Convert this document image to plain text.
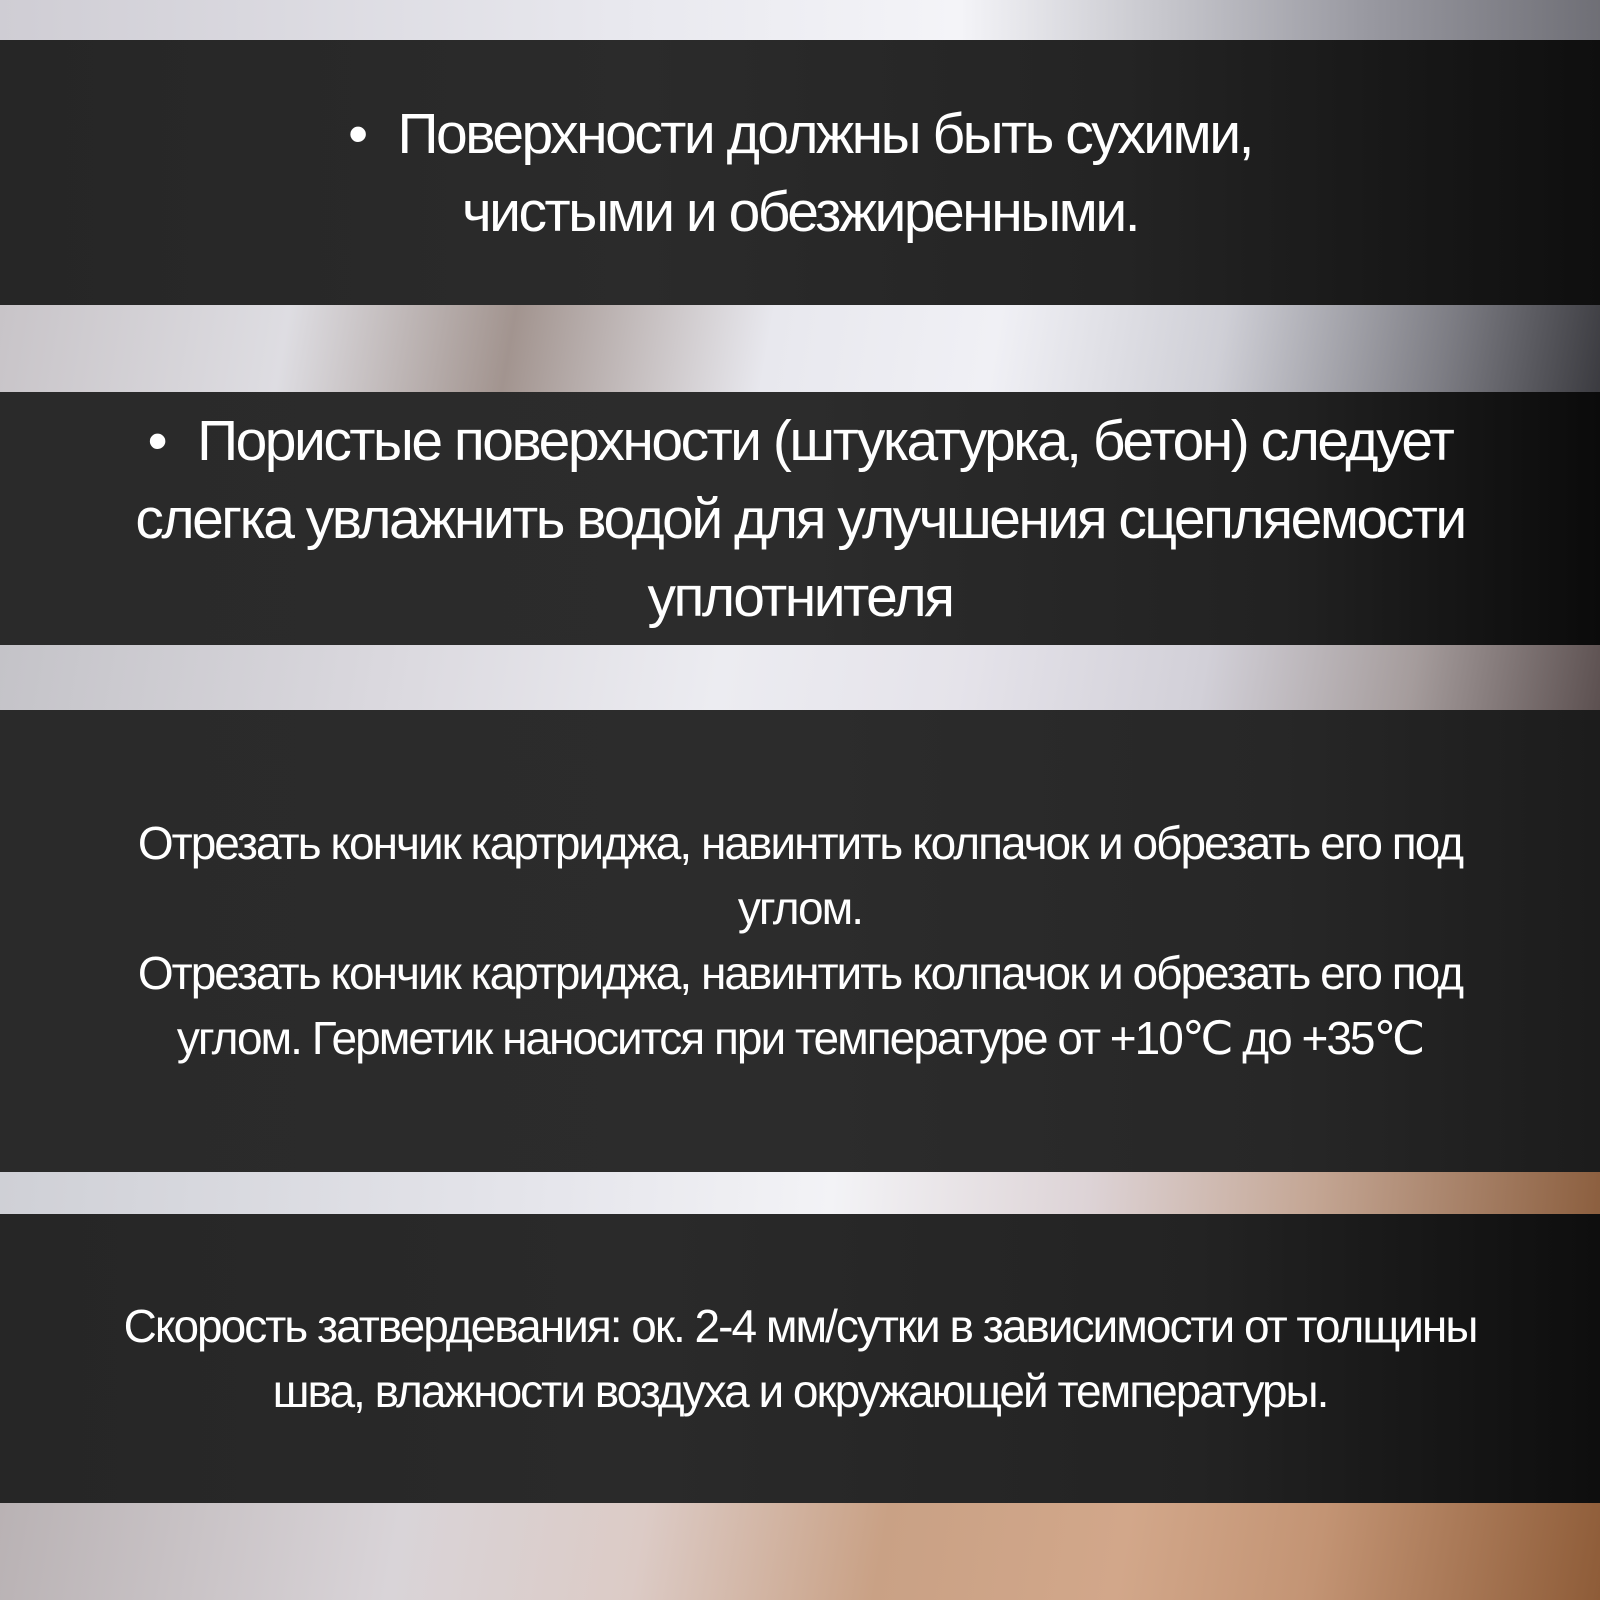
• Поверхности должны быть сухими,
чистыми и обезжиренными.
• Пористые поверхности (штукатурка, бетон) следует
слегка увлажнить водой для улучшения сцепляемости
уплотнителя
Отрезать кончик картриджа, навинтить колпачок и обрезать его под
углом.
Отрезать кончик картриджа, навинтить колпачок и обрезать его под
углом. Герметик наносится при температуре от +10℃ до +35℃
Скорость затвердевания: ок. 2-4 мм/сутки в зависимости от толщины
шва, влажности воздуха и окружающей температуры.
